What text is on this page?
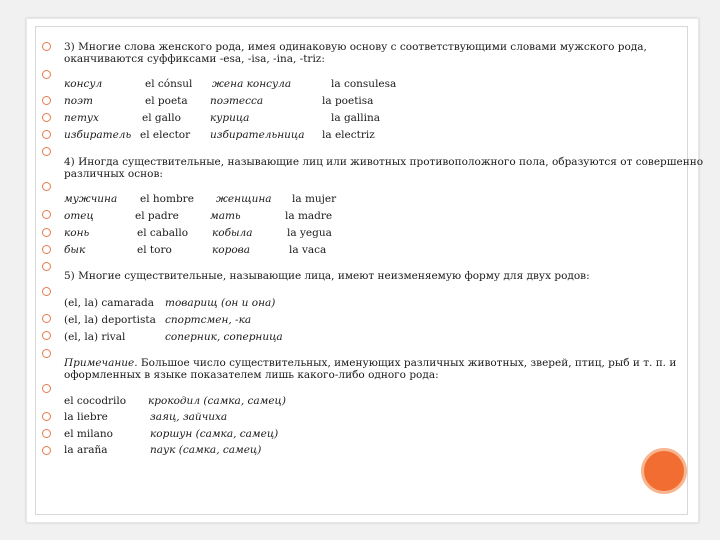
3) Многие слова женского рода, имея одинаковую основу с соответствующими словами мужского рода,
оканчиваются суффиксами -esa, -isa, -ina, -triz:
консул	el cónsul жена консула	la consulesa
поэт	el poeta поэтесса	la poetisa
петух	el gallo	курица	la gallina
избиратель el elector избирательница la electriz
4) Иногда существительные, называющие лиц или животных противоположного пола, образуются от совершенно
различных основ:
мужчина el hombre женщина la mujer
отец	el padre	мать	la madre
конь	el caballo кобыла	la yegua
бык	el toro	корова	la vaca
5) Многие существительные, называющие лица, имеют неизменяемую форму для двух родов:
(el, la) camarada товарищ (он и она)
(el, la) deportista спортсмен, -ка
(el, la) rival	соперник, соперница
Примечание. Большое число существительных, именующих различных животных, зверей, птиц, рыб и т. п. и
оформленных в языке показателем лишь какого-либо одного рода:
el cocodrilo крокодил (самка, самец)
la liebre	заяц, зайчиха
el milano	коршун (самка, самец)
la araña	паук (самка, самец)
